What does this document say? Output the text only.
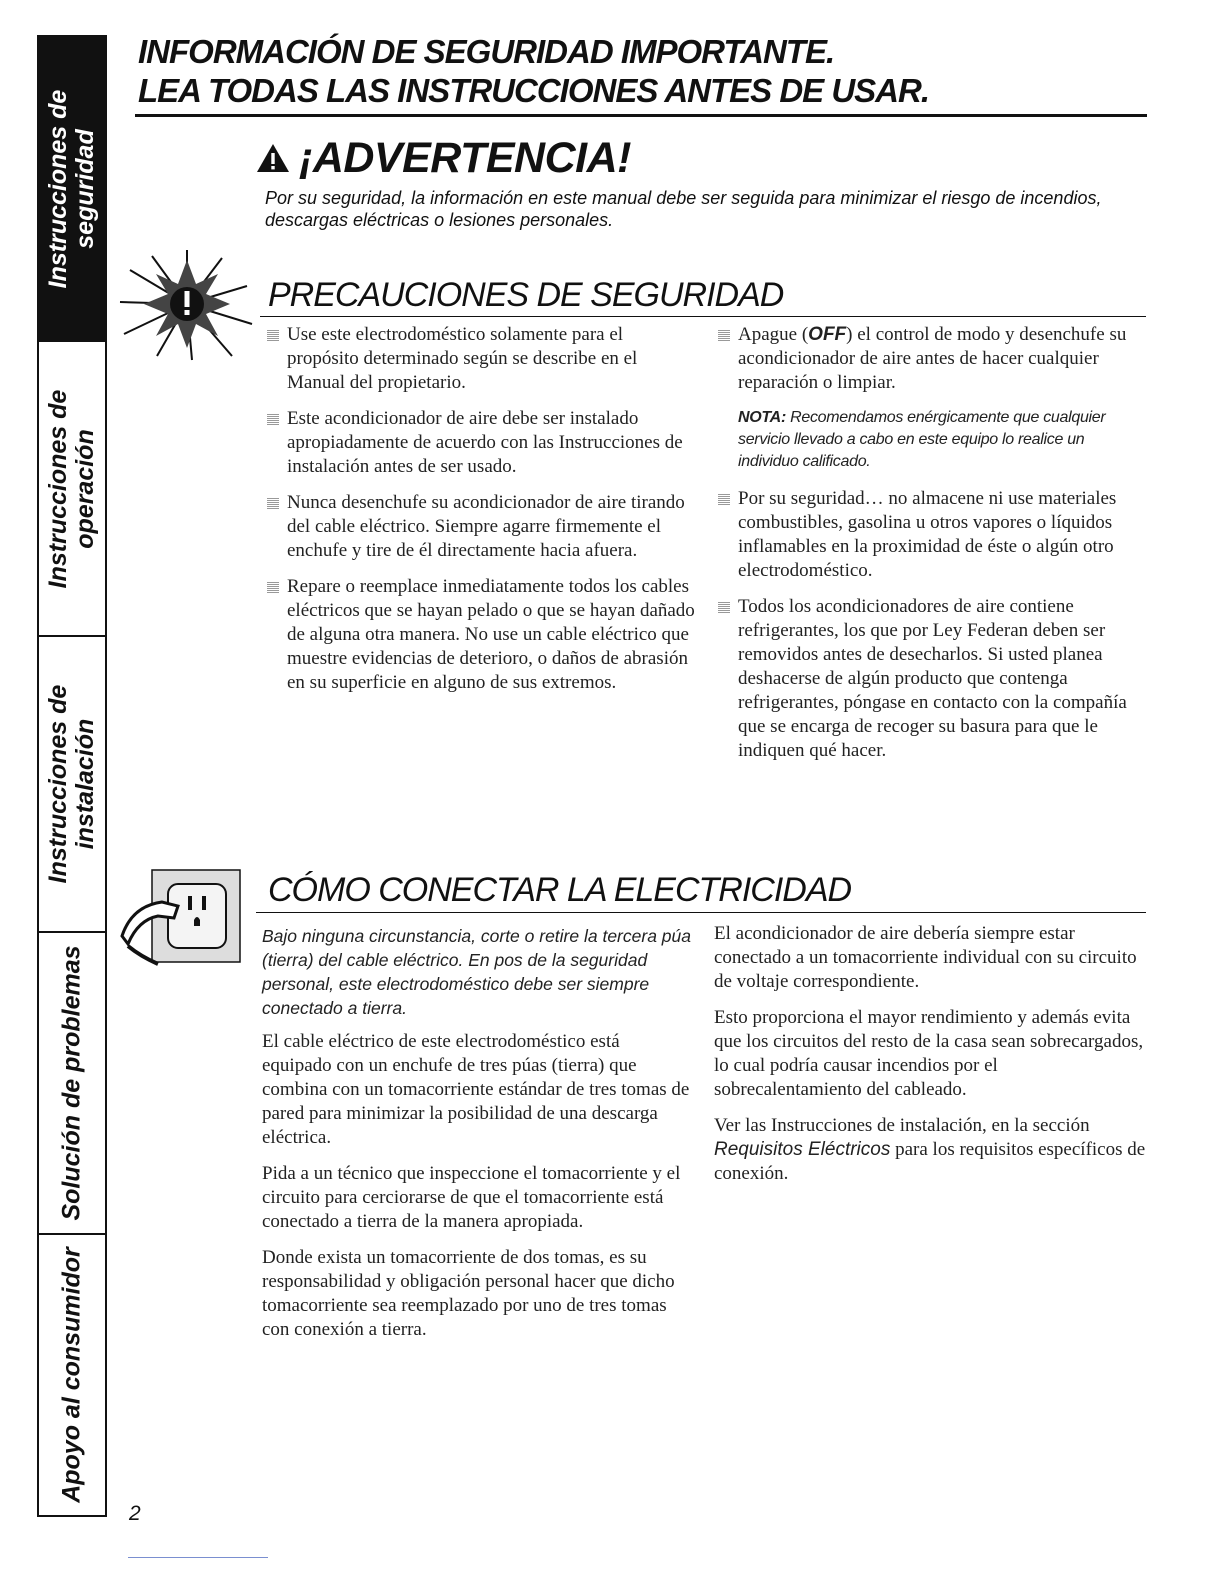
Instrucciones de seguridad
Instrucciones de operación
Instrucciones de instalación
Solución de problemas
Apoyo al consumidor
INFORMACIÓN DE SEGURIDAD IMPORTANTE.
LEA TODAS LAS INSTRUCCIONES ANTES DE USAR.
¡ADVERTENCIA!
Por su seguridad, la información en este manual debe ser seguida para minimizar el riesgo de incendios, descargas eléctricas o lesiones personales.
PRECAUCIONES DE SEGURIDAD
Use este electrodoméstico solamente para el propósito determinado según se describe en el Manual del propietario.
Este acondicionador de aire debe ser instalado apropiadamente de acuerdo con las Instrucciones de instalación antes de ser usado.
Nunca desenchufe su acondicionador de aire tirando del cable eléctrico. Siempre agarre firmemente el enchufe y tire de él directamente hacia afuera.
Repare o reemplace inmediatamente todos los cables eléctricos que se hayan pelado o que se hayan dañado de alguna otra manera. No use un cable eléctrico que muestre evidencias de deterioro, o daños de abrasión en su superficie en alguno de sus extremos.
Apague (OFF) el control de modo y desenchufe su acondicionador de aire antes de hacer cualquier reparación o limpiar.
NOTA: Recomendamos enérgicamente que cualquier servicio llevado a cabo en este equipo lo realice un individuo calificado.
Por su seguridad… no almacene ni use materiales combustibles, gasolina u otros vapores o líquidos inflamables en la proximidad de éste o algún otro electrodoméstico.
Todos los acondicionadores de aire contiene refrigerantes, los que por Ley Federan deben ser removidos antes de desecharlos. Si usted planea deshacerse de algún producto que contenga refrigerantes, póngase en contacto con la compañía que se encarga de recoger su basura para que le indiquen qué hacer.
CÓMO CONECTAR LA ELECTRICIDAD
Bajo ninguna circunstancia, corte o retire la tercera púa (tierra) del cable eléctrico. En pos de la seguridad personal, este electrodoméstico debe ser siempre conectado a tierra.
El cable eléctrico de este electrodoméstico está equipado con un enchufe de tres púas (tierra) que combina con un tomacorriente estándar de tres tomas de pared para minimizar la posibilidad de una descarga eléctrica.
Pida a un técnico que inspeccione el tomacorriente y el circuito para cerciorarse de que el tomacorriente está conectado a tierra de la manera apropiada.
Donde exista un tomacorriente de dos tomas, es su responsabilidad y obligación personal hacer que dicho tomacorriente sea reemplazado por uno de tres tomas con conexión a tierra.
El acondicionador de aire debería siempre estar conectado a un tomacorriente individual con su circuito de voltaje correspondiente.
Esto proporciona el mayor rendimiento y además evita que los circuitos del resto de la casa sean sobrecargados, lo cual podría causar incendios por el sobrecalentamiento del cableado.
Ver las Instrucciones de instalación, en la sección Requisitos Eléctricos para los requisitos específicos de conexión.
2
